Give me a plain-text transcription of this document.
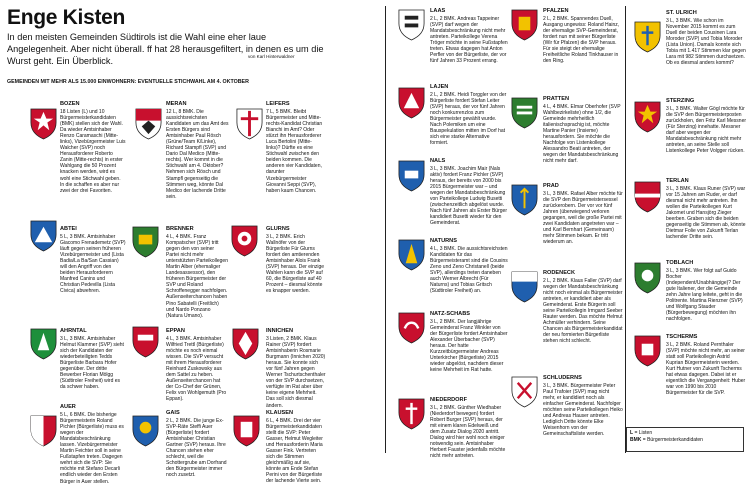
Enge Kisten

In den meisten Gemeinden Südtirols ist die Wahl eine eher laue Angelegenheit. Aber nicht überall. ff hat 28 herausgefiltert, in denen es um die Wurst geht. Ein Überblick.	von Karl Hinterwaldner
GEMEINDEN MIT MEHR ALS 15.000 EINWOHNERN: EVENTUELLE STICHWAHL AM 4. OKTOBER
BOZEN
18 Listen (L) und 10 Bürgermeisterkandidaten (BMK) stellen sich der Wahl. Da wieder Amtsinhaber Renzo Caramaschi (Mitte-links), Vizebürgermeister Luis Walcher (SVP) noch Herausforderer Roberto Zanin (Mitte-rechts) in erster Wahlgang die 50 Prozent knacken werden, wird es wohl eine Stichwahl geben. In die schaffen es aber nur zwei der drei Favoriten.
MERAN
12 L, 8 BMK. Die aussichtsreichsten Kandidaten um das Amt des Ersten Bürgers sind Amtsinhaber Paul Rösch (Grüne/Team K/Linke), Richard Stampfl (SVP) und Dario Dal Medico (Mitte-rechts). Wer kommt in die Stichwahl am 4. Oktober? Nehmen sich Rösch und Stampfl gegenseitig die Stimmen weg, könnte Dal Medico der lachende Dritte sein.
LEIFERS
7 L, 5 BMK. Bleibt Bürgermeister und Mitte-rechts-Kandidat Christian Bianchi im Amt? Oder stürzt ihn Herausforderer Luca Bertolini (Mitte-links)? Dürfte es eine Stichwahl zwischen den beiden kommen. Die anderen vier Kandidaten, darunter Vizebürgermeister Giovanni Seppi (SVP), haben kaum Chancen.
ABTEI
5 L, 3 BMK. Amtsinhaber Giacomo Frenademetz (SVP) läuft gegen seinen früheren Vizebürgermeister und (Lista Badia/La Ba/San Cassian) will den Angriff von den beiden Herausforderern Manfred Canins und Christian Pedevilla (Lista Civica) abwehren.
BRENNER
4 L, 4 BMK. Franz Kompatscher (SVP) tritt gegen den von seiner Partei nicht mehr unterstützten Parteikollegen Martin Alber (ehemaliger Landesassessor), den früheren Bürgermeister der SVP und Roland Schroffenegger nachfolgen. Außenseiterchancen haben Pino Sabatelli (Freitlich) und Nardo Ponzano (Natura Umano).
GLURNS
3 L, 2 BMK. Erich Wallnöfer von der Bürgerliste Für Glurns fordert den amtierenden Amtsinhaber Alois Frank (SVP) heraus. Der einzige Wahlen kann die SVP auf 60, die Bürgerliste auf 40 Prozent – diesmal könnte es knapper werden.
AHRNTAL
3 L, 3 BMK. Amtsinhaber Helmut Klammer (SVP) sieht sich der Kandidaten der wiederbeteiligten Tedds Bürgerliste Barbara Hofer gegenüber. Der dritte Bewerber Florian Mölgg (Südtiroler Freiheit) wird es da schwer haben.
EPPAN
4 L, 3 BMK. Amtsinhaber Wilfried Trettl (Bürgerliste) möchte es noch einmal wissen. Die SVP versucht mit ihrem Herausforderer Reinhard Zuskowsky aus dem Sattel zu heben. Außenseiterchancen hat der Co-Chef der Grünen, Felix von Wohlgemuth (Pro Eppan).
INNICHEN
3 Listen, 2 BMK. Klaus Rainer (SVP) fordert Amtsinhaberin Rosmarie Burgmann (Innichen 2020) heraus. Sie konnte sich vor fünf Jahren gegen Werner Tschurtschenthaler von der SVP durchsetzen, verfügte im Rat aber über keine eigene Mehrheit. Das soll sich diesmal ändern.
AUER
5 L, 6 BMK. Die bisherige Bürgermeisterin Roland Pichler (Bürgerliste) muss es wegen der Mandatsbeschränkung lassen. Vizebürgermeister Martin Feichter soll in seine Fußstapfen treten. Dagegen wehrt sich die SVP: Sie möchte mit Stefano Decarli endlich wieder den Ersten Bürger in Auer stellen.
GAIS
2 L, 2 BMK. Die junge Ex-SVP-Räte Steffi Auer (Bürgerliste) fordert Amtsinhaber Christian Gartner (SVP) heraus. Ihre Chancen stehen eher schlecht, weil die Schottergrube am Dorfrand den Bürgermeister immer noch zusetzt.
KLAUSEN
6 L, 4 BMK. Drei der vier Bürgermeisterkandidaten stellt die SVP: Peter Gasser, Helmut Wegleiter und Herausforderin Maria Gasser Fink. Vertreten sich die Stimmen gleichmäßig auf sie, könnte am Ende Stefan Perini von der Bürgerliste der lachende Vierte sein.
LAAS
2 L, 2 BMK. Andreas Tappeiner (SVP) darf wegen der Mandatsbeschränkung nicht mehr antreten. Parteikollege Verena Tröger möchte in seine Fußstapfen treten. Etwas dagegen hat Anton Perfler von der Bürgerliste, der vor fünf Jahren 33 Prozent errang.
LAJEN
2 L, 2 BMK. Heidi Torggler von der Bürgerliste fordert Stefan Leiter (SVP) heraus, der vor fünf Jahren noch konkurrenzlos zum Bürgermeister gewählt wurde. Nach Polemiken um eine Bauspekulation mitten im Dorf hat sich eine starke Alternative formiert.
NALS
3 L, 3 BMK. Joachim Mair (Nals aktiv) fordert Franz Pichler (SVP) heraus, der bereits von 2000 bis 2015 Bürgermeister war – und wegen der Mandatsbeschränkung von Parteikollege Ludwig Busetti (zwischenzeitlich abgelöst wurde. Nach fünf Jahren als Erster Bürger kandidiert Busetti wieder für den Gemeinderat.
NATURNS
4 L, 3 BMK. Die aussichtsreichsten Kandidaten für das Bürgermeisteramt sind die Cousins Zeno und Zeno Christanell (beide SVP), allerdings treten daneben auch Werner Albrecht (Für Naturns) und Tobias Gritsch (Südtiroler Freiheit) an.
NATZ-SCHABS
3 L, 2 BMK. Der langjährige Gemeinderat Franz Winkler von der Bürgerliste fordert Amtsinhaber Alexander Überbacher (SVP) heraus. Der hatte Kurzzeitbürgermeister Andreas Unterkircher (Bürgerliste) 2015 wieder abgelöst, nachdem dieser keine Mehrheit im Rat hatte.
NIEDERDORF
3 L, 2 BMK. Günther Wiedhaber (Niederdorf bewegen) fordert Robert Burger (SVP) heraus, der mit einem klaren Edelweiß und dem Zusatz Dialog 2020 antritt. Dialog wird hier wohl noch einiger notwendig sein. Amtsinhaber Herbert Fauster jedenfalls möchte nicht mehr antreten.
PFALZEN
2 L, 2 BMK. Spannendes Duell, Ausgang ungewiss: Roland Hainz, der ehemalige SVP-Gemeinderat, fordert nun mit seiner Bürgerliste (Wir für Pfalzen) die SVP heraus. Für sie steigt der ehemalige Freiheitliche Roland Tinkhauser in den Ring.
PRATTEN
4 L, 4 BMK. Elmar Oberhofer (SVP Wahlbezirkeliste) ohne 1/2, die Gemeinde mehrheitlich italienischsprachig ist, möchte Martine Panier (Insieme) herausfordern. Sie möchte die Nachfolge von Listenkollege Alessandro Beati antreten, der wegen der Mandatsbeschränkung nicht mehr darf.
PRAD
3 L, 3 BMK. Rafael Alber möchte für die SVP den Bürgermeistersessel zurückerobern. Der vor vor fünf Jahren (überwiegend verloren gegangen, weil die große Partei mit zwei Kandidaten angetreten war – und Karl Bernhart (Gemeinsam) mehr Stimmen bekam. Er tritt wiederum an.
RODENECK
2 L, 2 BMK. Klaus Faller (SVP) darf wegen der Mandatsbeschränkung nicht noch einmal als Bürgermeister antreten, er kandidiert aber als Gemeinderat. Erste Bürgerin soll seine Parteikollegin Irmgard Seeber Rauter werden. Das möchte Helmut Achmüller verhindern. Seine Chancen als Bürgermeisterkandidat der neu formierten Bürgerliste stehen nicht schlecht.
SCHLUDERNS
3 L, 3 BMK. Bürgermeister Peter Paul Trafoier (SVP) mag nicht mehr, er kandidiert noch als einfacher Gemeinderat. Nachfolger möchten seine Parteikollegen Heiko und Andreas Hauser antreten. Lediglich Dritte könnte Elke Weisenhorn von der Gemeinschaftsliste werden.
ST. ULRICH
3 L, 3 BMK. Wie schon im November 2015 kommt es zum Duell der beiden Cousinen Lara Moroder (SVP) und Tobia Moroder (Lista Union). Damals konnte sich Tobia mit 1.417 Stimmen klar gegen Lara mit 982 Stimmen durchsetzen. Ob es diesmal anders kommt?
STERZING
3 L, 3 BMK. Walter Gögl möchte für die SVP den Bürgermeisterposten zurückholen, den Fritz Karl Messner (Für Sterzing) innehatte. Messner darf aber wegen der Mandatsbeschränkung nicht mehr antreten, an seine Stelle soll Listenkollege Peter Volgger rücken.
TERLAN
3 L, 3 BMK. Klaus Runer (SVP) war vor 15 Jahren am Ruder, er darf diesmal nicht mehr antreten. Ihn wollen die Parteikollegen Kurt Jakomet und Hansjörg Zieger beerben. Graben sich die beiden gegenseitig die Stimmen ab, könnte Dietmar Folie von Zukunft Terlan lachender Dritte sein.
TOBLACH
3 L, 3 BMK. Wer folgt auf Guido Bocher (Independent/Unabhängige)? Der gute Italiener, der die Gemeinde zehn Jahre lang leitete, geht in die Politrente. Martina Rienzner (SVP) und Wolfgang Stauder (Bürgerbewegung) möchten ihn nachfolgen.
TSCHERMS
3 L, 2 BMK. Roland Pernthaler (SVP) möchte nicht mehr, an seiner statt soll Parteikollegin Astrid Kuprian Bürgermeisterin werden. Kurt Hutner von Zukunft Tscherms hat etwas dagegen. Dabei ist er eigentlich die Vergangenheit: Huber war von 1990 bis 2010 Bürgermeister für die SVP.
L = Listen
BMK = Bürgermeisterkandidaten
